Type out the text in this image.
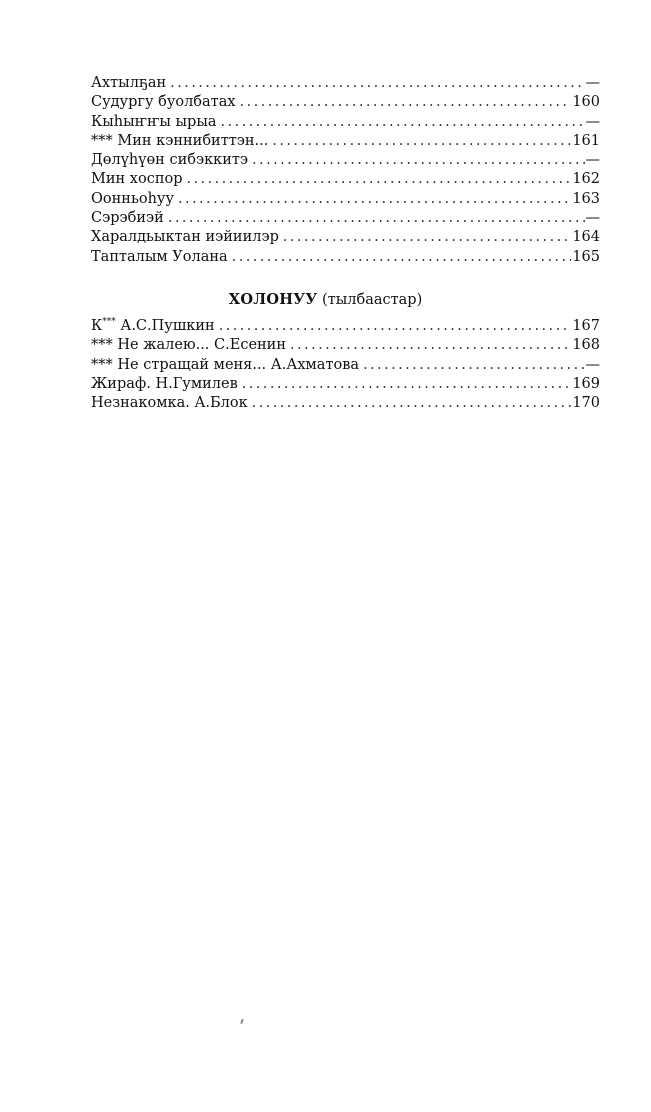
Ахтылҕан . . .	—
Судургу буолбатах . . .	160
Кыһыҥҥы ырыа . . .	—
*** Мин кэннибиттэн... . . .	161
Дөлүһүөн сибэккитэ . . .	—
Мин хоспор . . .	162
Оонньоһуу . . .	163
Сэрэбиэй . . .	—
Харалдьыктан иэйиилэр . . .	164
Тапталым Уолана . . .	165
ХОЛОНУУ (тылбаастар)
К*** А.С.Пушкин . . .	167
*** Не жалею... С.Есенин . . .	168
*** Не стращай меня... А.Ахматова . . .	—
Жираф. Н.Гумилев . . .	169
Незнакомка. А.Блок . . .	170
